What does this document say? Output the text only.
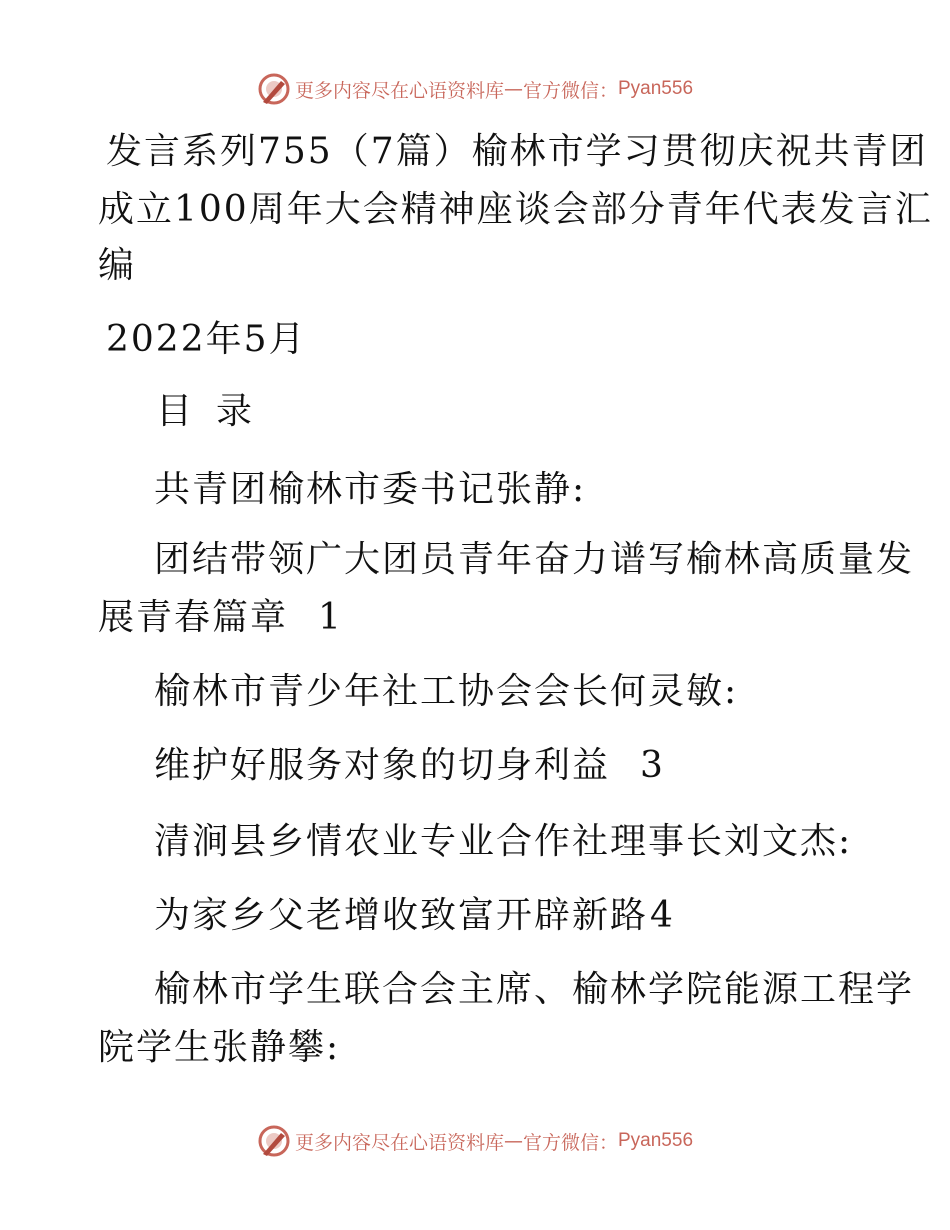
更多内容尽在心语资料库 — 官方微信： Pyan556
发言系列755（7篇）榆林市学习贯彻庆祝共青团
成立100周年大会精神座谈会部分青年代表发言汇
编
2022年5月
目 录
共青团榆林市委书记张静:
团结带领广大团员青年奋力谱写榆林高质量发
展青春篇章 1
榆林市青少年社工协会会长何灵敏:
维护好服务对象的切身利益 3
清涧县乡情农业专业合作社理事长刘文杰:
为家乡父老增收致富开辟新路4
榆林市学生联合会主席、榆林学院能源工程学
院学生张静攀:
更多内容尽在心语资料库 — 官方微信： Pyan556
